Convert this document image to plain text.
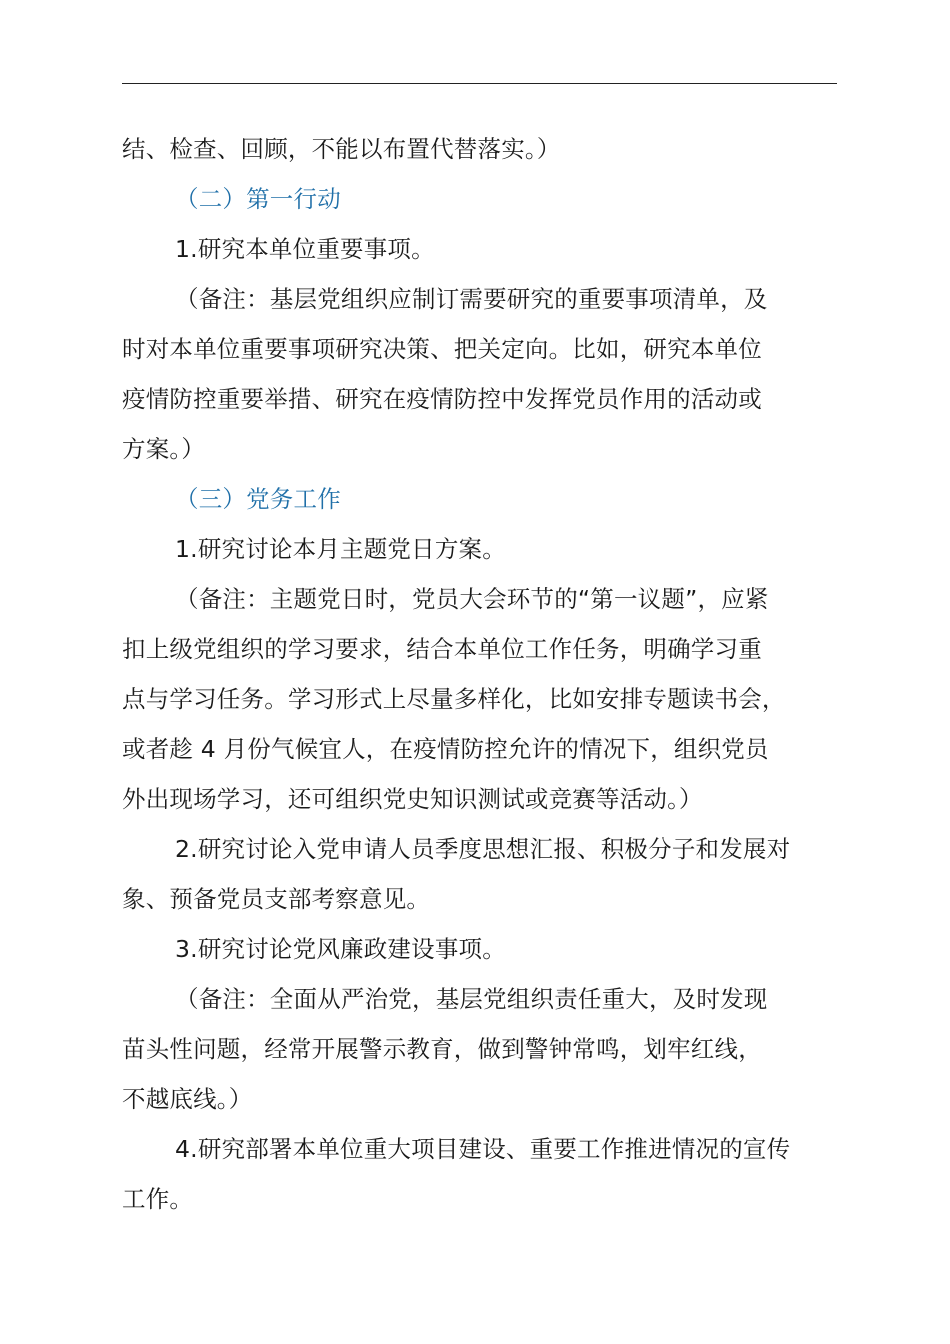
结、检查、回顾，不能以布置代替落实。）
（二）第一行动
1.研究本单位重要事项。
（备注：基层党组织应制订需要研究的重要事项清单，及
时对本单位重要事项研究决策、把关定向。比如，研究本单位
疫情防控重要举措、研究在疫情防控中发挥党员作用的活动或
方案。）
（三）党务工作
1.研究讨论本月主题党日方案。
（备注：主题党日时，党员大会环节的“第一议题”，应紧
扣上级党组织的学习要求，结合本单位工作任务，明确学习重
点与学习任务。学习形式上尽量多样化，比如安排专题读书会，
或者趁 4 月份气候宜人，在疫情防控允许的情况下，组织党员
外出现场学习，还可组织党史知识测试或竞赛等活动。）
2.研究讨论入党申请人员季度思想汇报、积极分子和发展对
象、预备党员支部考察意见。
3.研究讨论党风廉政建设事项。
（备注：全面从严治党，基层党组织责任重大，及时发现
苗头性问题，经常开展警示教育，做到警钟常鸣，划牢红线，
不越底线。）
4.研究部署本单位重大项目建设、重要工作推进情况的宣传
工作。
